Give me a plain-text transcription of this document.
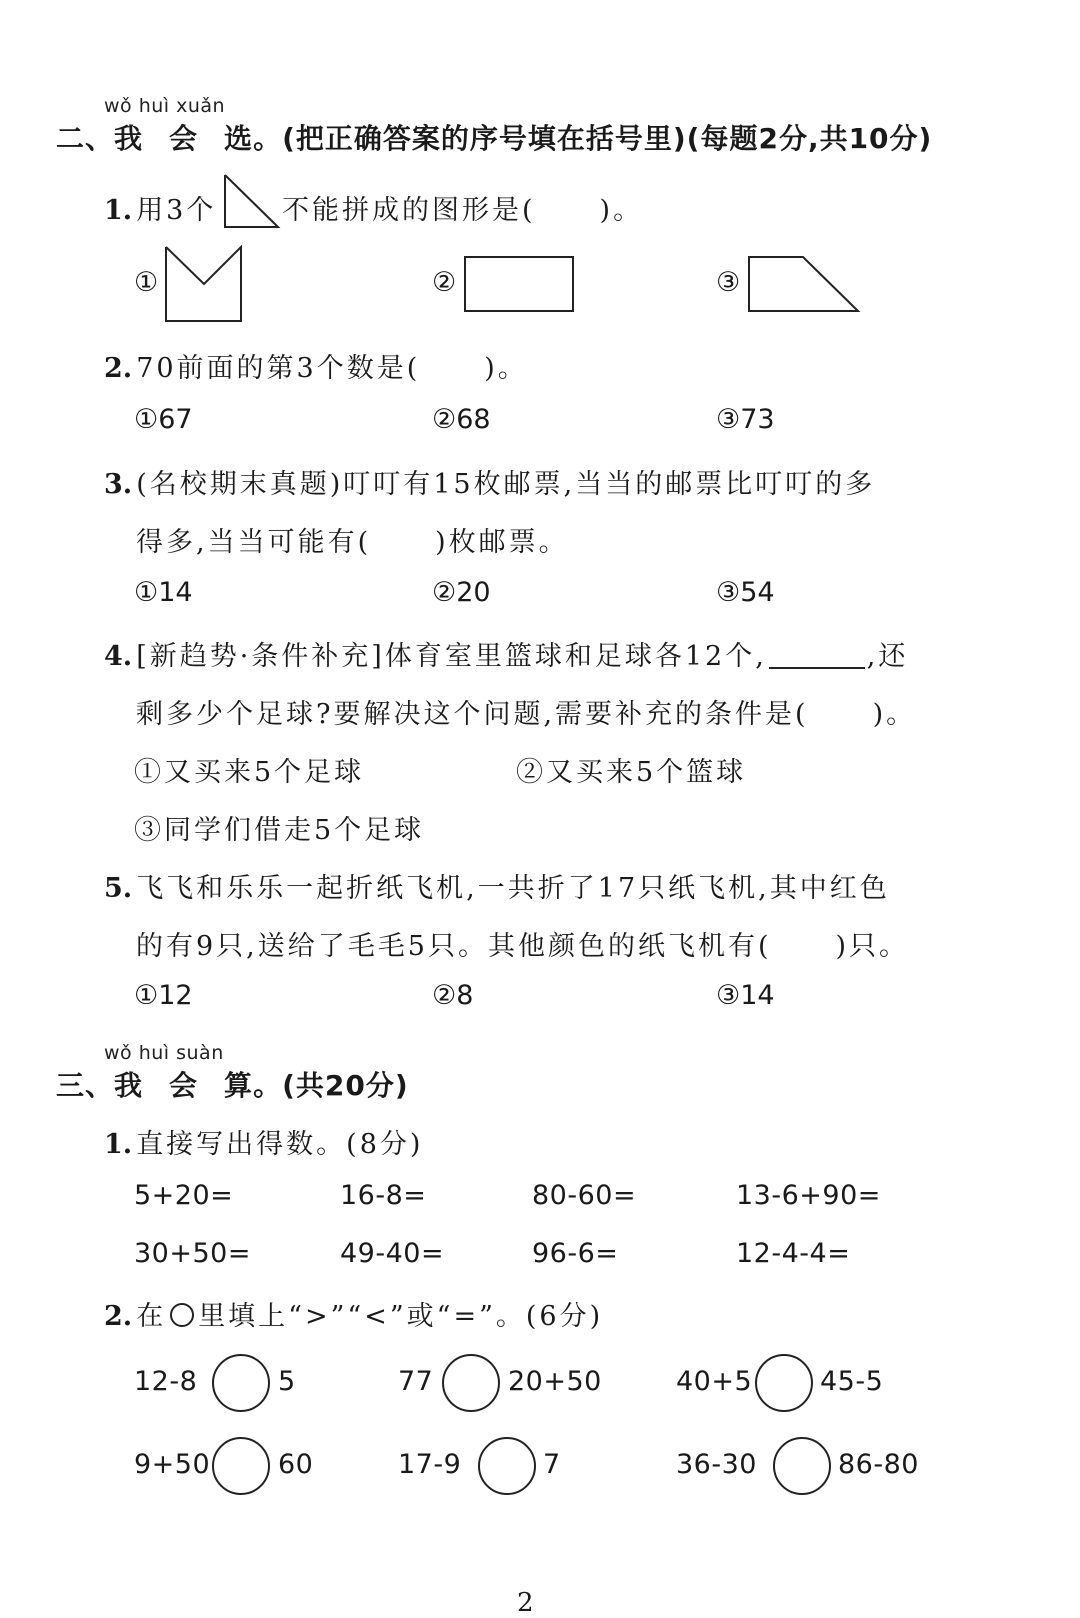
wǒ huì xuǎn
二、我 会 选。(把正确答案的序号填在括号里)(每题2分,共10分)
1. 用3个 不能拼成的图形是( )。
①	②	③
2. 70前面的第3个数是( )。
①67	②68	③73
3. (名校期末真题)叮叮有15枚邮票,当当的邮票比叮叮的多
得多,当当可能有( )枚邮票。
①14	②20	③54
4. [新趋势·条件补充]体育室里篮球和足球各12个,	,还
剩多少个足球?要解决这个问题,需要补充的条件是( )。
①又买来5个足球	②又买来5个篮球
③同学们借走5个足球
5. 飞飞和乐乐一起折纸飞机,一共折了17只纸飞机,其中红色
的有9只,送给了毛毛5只。其他颜色的纸飞机有( )只。
①12	②8	③14
wǒ huì suàn
三、我 会 算。(共20分)
1. 直接写出得数。(8分)
5+20=	16-8=	80-60=	13-6+90=
30+50=	49-40=	96-6=	12-4-4=
2. 在 里填上“>”“<”或“=”。(6分)
12-8	5	77	20+50	40+5	45-5
9+50	60	17-9	7	36-30	86-80
2
